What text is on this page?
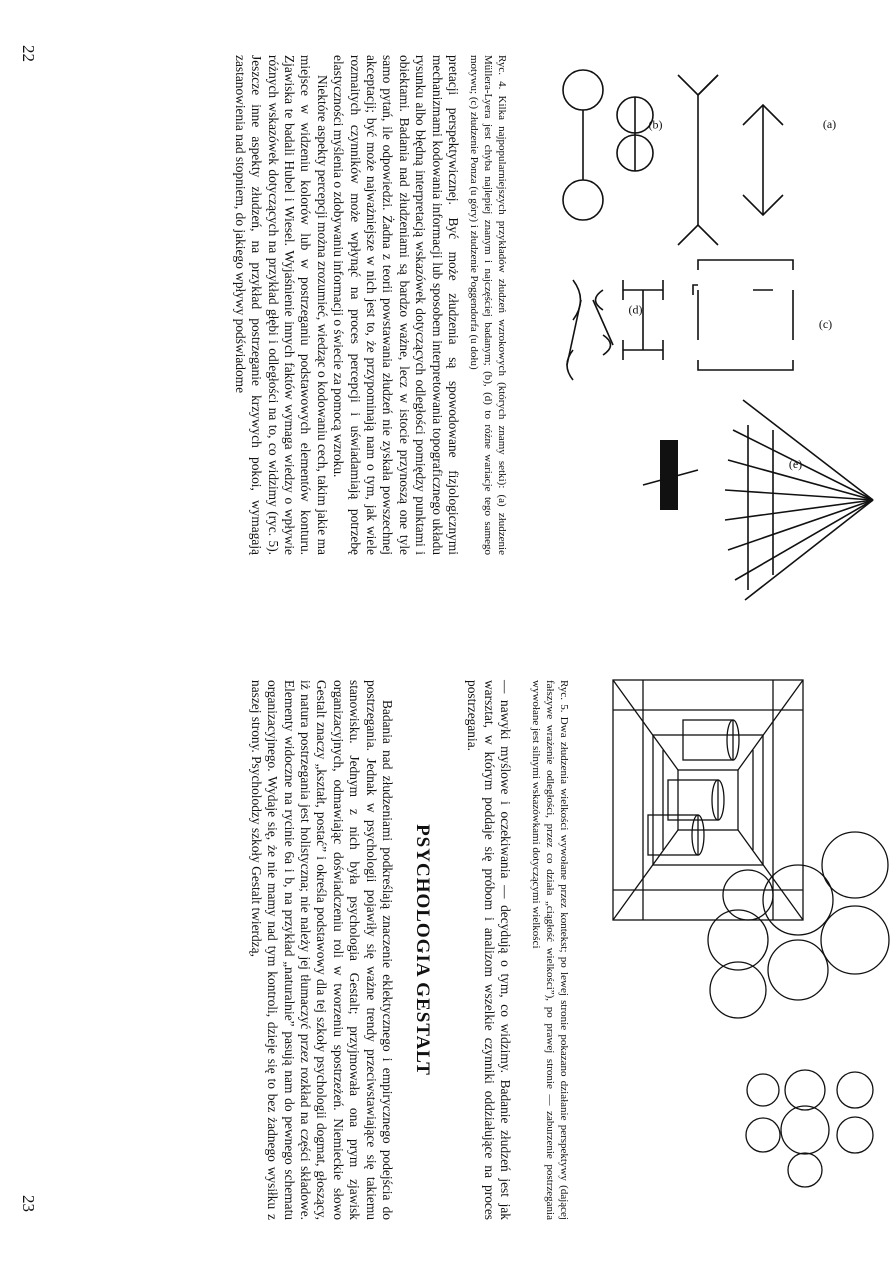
(a)
(b)
(c)
(d)
(e)
Ryc. 4. Kilka najpopularniejszych przykładów złudzeń wzrokowych (których znamy setki): (a) złudzenie Müllera-Lyera jest chyba najlepiej znanym i najczęściej badanym; (b), (d) to różne wariacje tego samego motywu; (c) złudzenie Ponza (u góry) i złudzenie Poggendorfa (u dołu)

pretacji perspektywicznej. Być może złudzenia są spowodowane fizjologicznymi mechanizmami kodowania informacji lub sposobem interpretowania topograficznego układu rysunku albo błędną interpretacją wskazówek dotyczących odległości pomiędzy punktami i obiektami. Badania nad złudzeniami są bardzo ważne, lecz w istocie przynoszą one tyle samo pytań, ile odpowiedzi. Żadna z teorii powstawania złudzeń nie zyskała powszechnej akceptacji; być może najważniejsze w nich jest to, że przypominają nam o tym, jak wiele rozmaitych czynników może wpłynąć na proces percepcji i uświadamiają potrzebę elastyczności myślenia o zdobywaniu informacji o świecie za pomocą wzroku.

Niektóre aspekty percepcji można zrozumieć, wiedząc o kodowaniu cech, takim jakie ma miejsce w widzeniu kolorów lub w postrzeganiu podstawowych elementów konturu. Zjawiska te badali Hubel i Wiesel. Wyjaśnienie innych faktów wymaga wiedzy o wpływie różnych wskazówek dotyczących na przykład głębi i odległości na to, co widzimy (ryc. 5). Jeszcze inne aspekty złudzeń, na przykład postrzeganie krzywych pokoi, wymagają zastanowienia nad stopniem, do jakiego wpływy podświadome

22
Ryc. 5. Dwa złudzenia wielkości wywołane przez kontekst; po lewej stronie pokazano działanie perspektywy (dającej fałszywe wrażenie odległości, przez co działa „ciągłość wielkości”), po prawej stronie — zaburzenie postrzegania wywołane jest silnymi wskazówkami dotyczącymi wielkości

— nawyki myślowe i oczekiwania — decydują o tym, co widzimy. Badanie złudzeń jest jak warsztat, w którym poddaje się próbom i analizom wszelkie czynniki oddziałujące na proces postrzegania.

PSYCHOLOGIA GESTALT

Badania nad złudzeniami podkreślają znaczenie eklektycznego i empirycznego podejścia do postrzegania. Jednak w psychologii pojawiły się ważne trendy przeciwstawiające się takiemu stanowisku. Jednym z nich była psychologia Gestalt; przyjmowała ona prym zjawisk organizacyjnych, odmawiając doświadczeniu roli w tworzeniu spostrzeżeń. Niemieckie słowo Gestalt znaczy „kształt, postać” i określa podstawowy dla tej szkoły psychologii dogmat, głoszący, iż natura postrzegania jest holistyczna; nie należy jej tłumaczyć przez rozkład na części składowe. Elementy widoczne na rycinie 6a i b, na przykład „naturalnie” pasują nam do pewnego schematu organizacyjnego. Wydaje się, że nie mamy nad tym kontroli, dzieje się to bez żadnego wysiłku z naszej strony. Psycholodzy szkoły Gestalt twierdzą,

23
